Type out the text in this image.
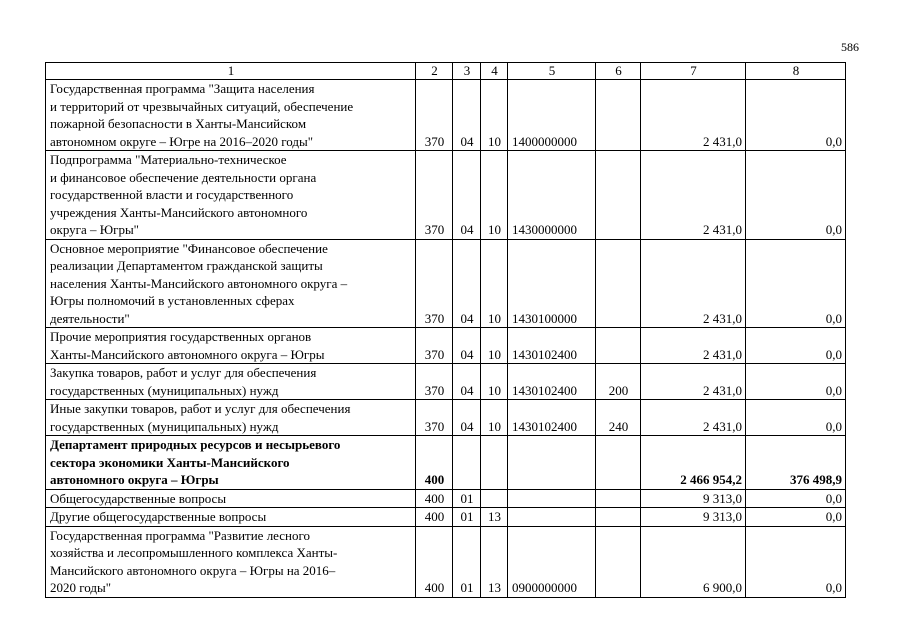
586
1	2	3	4	5	6	7	8

Государственная программа "Защита населения
и территорий от чрезвычайных ситуаций, обеспечение
пожарной безопасности в Ханты-Мансийском
автономном округе – Югре на 2016–2020 годы"	370	04	10	1400000000		2 431,0	0,0

Подпрограмма "Материально-техническое
и финансовое обеспечение деятельности органа
государственной власти и государственного
учреждения Ханты-Мансийского автономного
округа – Югры"	370	04	10	1430000000		2 431,0	0,0

Основное мероприятие "Финансовое обеспечение
реализации Департаментом гражданской защиты
населения Ханты-Мансийского автономного округа –
Югры полномочий в установленных сферах
деятельности"	370	04	10	1430100000		2 431,0	0,0

Прочие мероприятия государственных органов
Ханты-Мансийского автономного округа – Югры	370	04	10	1430102400		2 431,0	0,0

Закупка товаров, работ и услуг для обеспечения
государственных (муниципальных) нужд	370	04	10	1430102400	200	2 431,0	0,0

Иные закупки товаров, работ и услуг для обеспечения
государственных (муниципальных) нужд	370	04	10	1430102400	240	2 431,0	0,0

Департамент природных ресурсов и несырьевого
сектора экономики Ханты-Мансийского
автономного округа – Югры	400					2 466 954,2	376 498,9

Общегосударственные вопросы	400	01				9 313,0	0,0

Другие общегосударственные вопросы	400	01	13			9 313,0	0,0

Государственная программа "Развитие лесного
хозяйства и лесопромышленного комплекса Ханты-
Мансийского автономного округа – Югры на 2016–
2020 годы"	400	01	13	0900000000		6 900,0	0,0
